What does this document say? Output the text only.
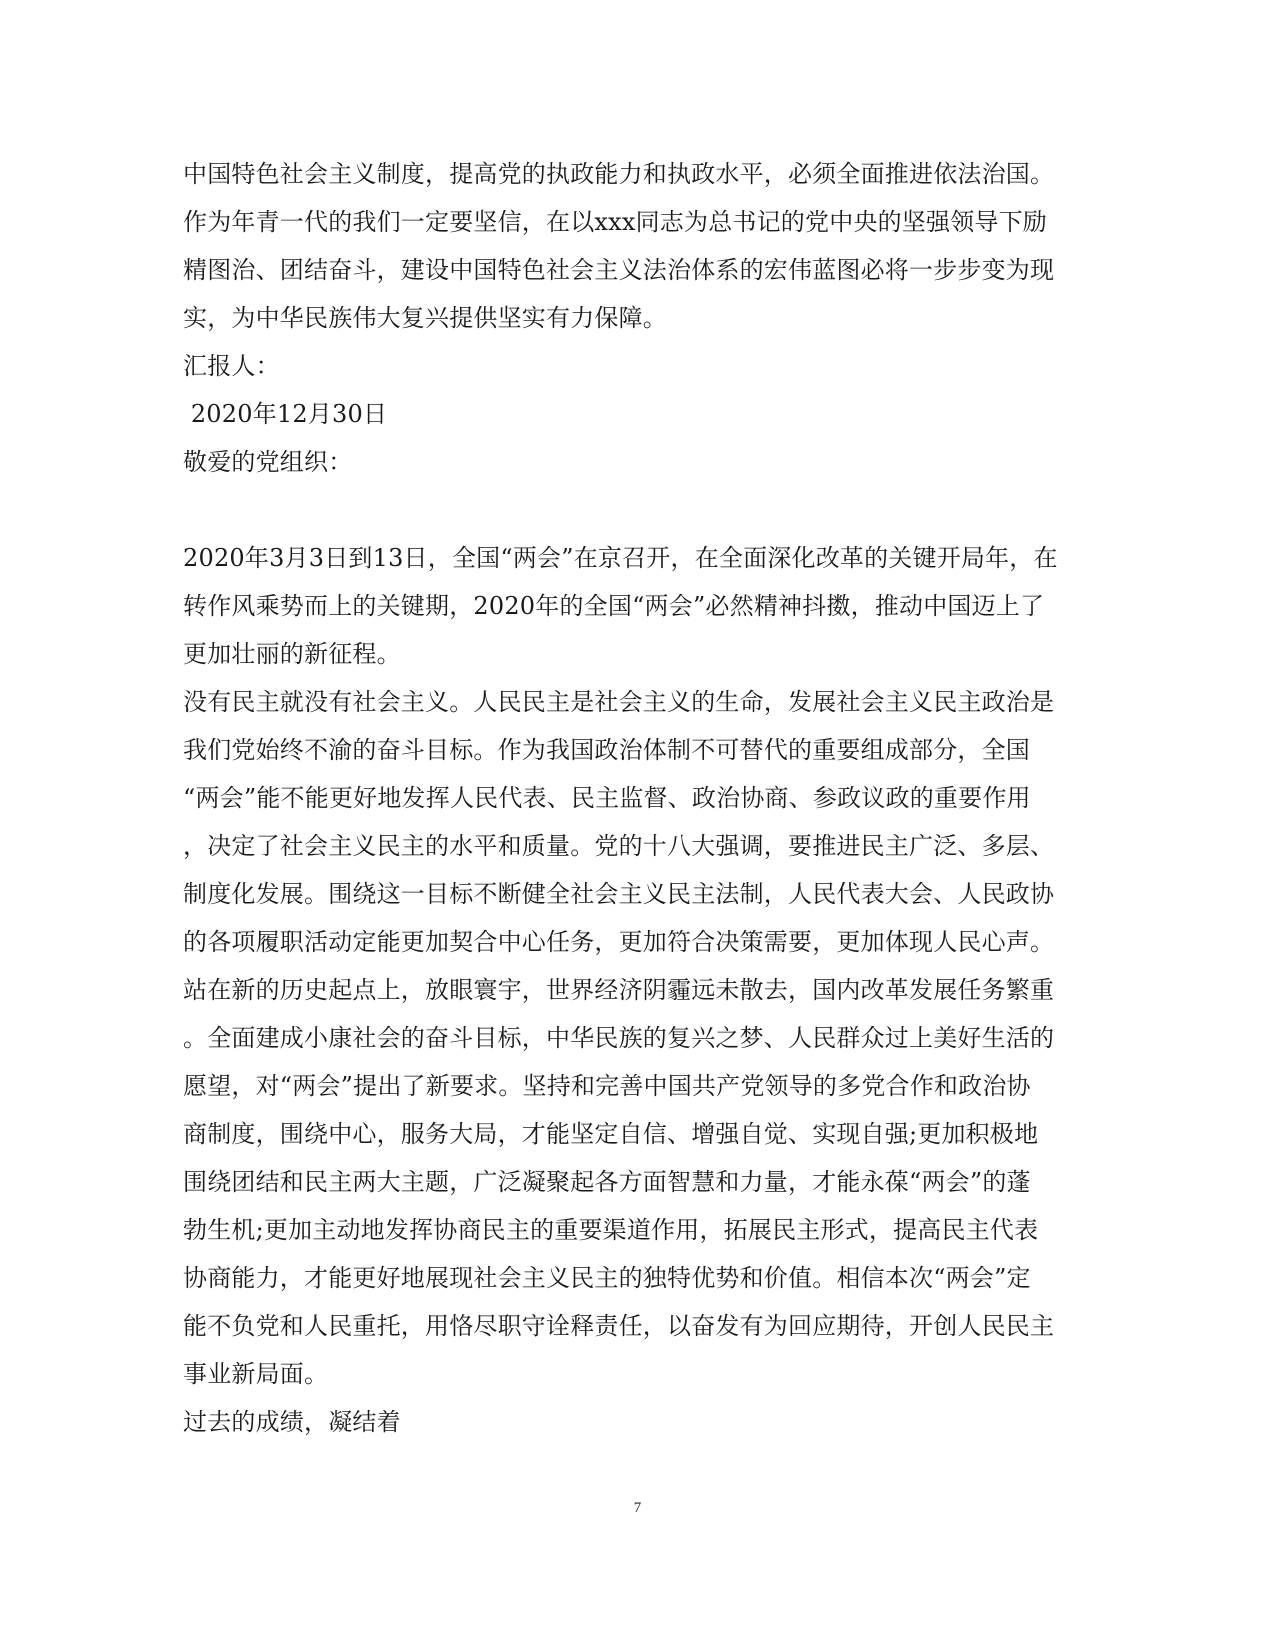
中国特色社会主义制度，提高党的执政能力和执政水平，必须全面推进依法治国。
作为年青一代的我们一定要坚信，在以xxx同志为总书记的党中央的坚强领导下励
精图治、团结奋斗，建设中国特色社会主义法治体系的宏伟蓝图必将一步步变为现
实，为中华民族伟大复兴提供坚实有力保障。
汇报人：
2020年12月30日
敬爱的党组织：
2020年3月3日到13日，全国“两会”在京召开，在全面深化改革的关键开局年，在
转作风乘势而上的关键期，2020年的全国“两会”必然精神抖擞，推动中国迈上了
更加壮丽的新征程。
没有民主就没有社会主义。人民民主是社会主义的生命，发展社会主义民主政治是
我们党始终不渝的奋斗目标。作为我国政治体制不可替代的重要组成部分，全国
“两会”能不能更好地发挥人民代表、民主监督、政治协商、参政议政的重要作用
，决定了社会主义民主的水平和质量。党的十八大强调，要推进民主广泛、多层、
制度化发展。围绕这一目标不断健全社会主义民主法制，人民代表大会、人民政协
的各项履职活动定能更加契合中心任务，更加符合决策需要，更加体现人民心声。
站在新的历史起点上，放眼寰宇，世界经济阴霾远未散去，国内改革发展任务繁重
。全面建成小康社会的奋斗目标，中华民族的复兴之梦、人民群众过上美好生活的
愿望，对“两会”提出了新要求。坚持和完善中国共产党领导的多党合作和政治协
商制度，围绕中心，服务大局，才能坚定自信、增强自觉、实现自强;更加积极地
围绕团结和民主两大主题，广泛凝聚起各方面智慧和力量，才能永葆“两会”的蓬
勃生机;更加主动地发挥协商民主的重要渠道作用，拓展民主形式，提高民主代表
协商能力，才能更好地展现社会主义民主的独特优势和价值。相信本次“两会”定
能不负党和人民重托，用恪尽职守诠释责任，以奋发有为回应期待，开创人民民主
事业新局面。
过去的成绩，凝结着
7
